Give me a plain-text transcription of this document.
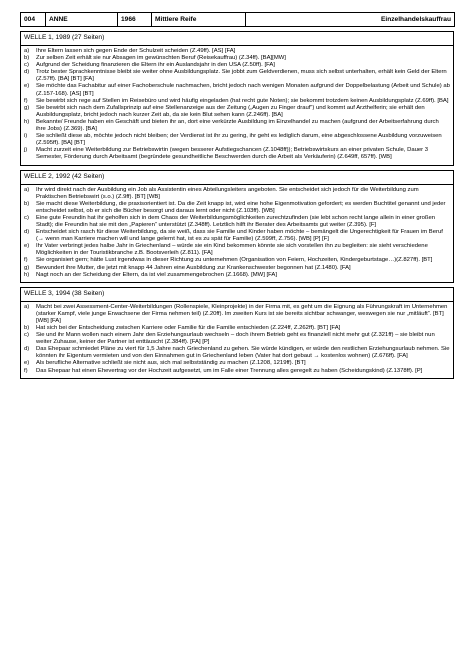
004	ANNE	1966	Mittlere Reife	Einzelhandelskauffrau
WELLE 1, 1989 (27 Seiten)
a)	Ihre Eltern lassen sich gegen Ende der Schulzeit scheiden (Z.49ff). [AS] [FA]
b)	Zur selben Zeit erhält sie nur Absagen im gewünschten Beruf (Reisekauffrau) (Z.34ff). [BA][MW]
c)	Aufgrund der Scheidung finanzieren die Eltern ihr ein Auslandsjahr in den USA (Z.50ff). [FA]
d)	Trotz bester Sprachkenntnisse bleibt sie weiter ohne Ausbildungsplatz. Sie jobbt zum Geldverdienen, muss sich selbst unterhalten, erhält kein Geld der Eltern (Z.57ff). [BA] [BT] [FA]
e)	Sie möchte das Fachabitur auf einer Fachoberschule nachmachen, bricht jedoch nach wenigen Monaten aufgrund der Doppelbelastung (Arbeit und Schule) ab (Z.157-168). [AS] [BT]
f)	Sie bewirbt sich rege auf Stellen im Reisebüro und wird häufig eingeladen (hat recht gute Noten); sie bekommt trotzdem keinen Ausbildungsplatz (Z.69ff). [BA]
g)	Sie bewirbt sich nach dem Zufallsprinzip auf eine Stellenanzeige aus der Zeitung („Augen zu Finger drauf“) und kommt auf Arzthelferin; sie erhält den Ausbildungsplatz, bricht jedoch nach kurzer Zeit ab, da sie kein Blut sehen kann (Z.246ff). [BA]
h)	Bekannte/ Freunde haben ein Geschäft und bieten ihr an, dort eine verkürzte Ausbildung im Einzelhandel zu machen (aufgrund der Arbeitserfahrung durch ihre Jobs) (Z.369). [BA]
i)	Sie schließt diese ab, möchte jedoch nicht bleiben; der Verdienst ist ihr zu gering, ihr geht es lediglich darum, eine abgeschlossene Ausbildung vorzuweisen (Z.595ff). [BA] [BT]
j)	Macht zurzeit eine Weiterbildung zur Betriebswirtin (wegen besserer Aufstiegschancen (Z.1048ff)); Betriebswirtskurs an einer privaten Schule, Dauer 3 Semester, Förderung durch Arbeitsamt (begründete gesundheitliche Beschwerden durch die Arbeit als Verkäuferin) (Z.649ff, 657ff). [WB]
WELLE 2, 1992 (42 Seiten)
a)	Ihr wird direkt nach der Ausbildung ein Job als Assistentin eines Abteilungsleiters angeboten. Sie entscheidet sich jedoch für die Weiterbildung zum Praktischen Betriebswirt (s.o.) (Z.9ff). [BT] [WB]
b)	Sie macht diese Weiterbildung, die praxisorientiert ist. Da die Zeit knapp ist, wird eine hohe Eigenmotivation gefordert; es werden Buchtitel genannt und jeder entscheidet selbst, ob er sich die Bücher besorgt und daraus lernt oder nicht (Z.103ff). [WB]
c)	Eine gute Freundin hat ihr geholfen sich in dem Chaos der Weiterbildungsmöglichkeiten zurechtzufinden (sie lebt schon recht lange allein in einer großen Stadt); die Freundin hat sie mit den „Papieren“ unterstützt (Z.348ff). Letztlich hilft ihr Berater des Arbeitsamts gut weiter (Z.395). [F]
d)	Entscheidet sich rasch für diese Weiterbildung, da sie weiß, dass sie Familie und Kinder haben möchte – bemängelt die Ungerechtigkeit für Frauen im Beruf (→ wenn man Karriere machen will und lange gelernt hat, ist es zu spät für Familie) (Z.599ff, Z.756). [WB] [P] [F]
e)	Ihr Vater verbringt jedes halbe Jahr in Griechenland – würde sie ein Kind bekommen könnte sie sich vorstellen ihn zu begleiten: sie sieht verschiedene Möglichkeiten in der Touristikbranche z.B. Bootsverleih (Z.811). [FA]
f)	Sie organisiert gern; hätte Lust irgendwas in dieser Richtung zu unternehmen (Organisation von Feiern, Hochzeiten, Kindergeburtstage…)(Z.827ff). [BT]
g)	Bewundert ihre Mutter, die jetzt mit knapp 44 Jahren eine Ausbildung zur Krankenschwester begonnen hat (Z.1480). [FA]
h)	Nagt noch an der Scheidung der Eltern, da ist viel zusammengebrochen (Z.1668). [MW] [FA]
WELLE 3, 1994 (38 Seiten)
a)	Macht bei zwei Assessment-Center-Weiterbildungen (Rollenspiele, Kleinprojekte) in der Firma mit, es geht um die Eignung als Führungskraft im Unternehmen (starker Kampf, viele junge Erwachsene der Firma nehmen teil) (Z.20ff). Im zweiten Kurs ist sie bereits sichtbar schwanger, weswegen sie nur „mitläuft“. [BT] [WB] [FA]
b)	Hat sich bei der Entscheidung zwischen Karriere oder Familie für die Familie entschieden (Z.224ff, Z.262ff). [BT] [FA]
c)	Sie und ihr Mann wollen nach einem Jahr den Erziehungsurlaub wechseln – doch ihrem Betrieb geht es finanziell nicht mehr gut (Z.321ff) – sie bleibt nun weiter Zuhause, keiner der Partner ist enttäuscht (Z.384ff). [FA] [P]
d)	Das Ehepaar schmiedet Pläne zu viert für 1,5 Jahre nach Griechenland zu gehen. Sie würde kündigen, er würde den restlichen Erziehungsurlaub nehmen. Sie könnten ihr Eigentum vermieten und von den Einnahmen gut in Griechenland leben (Vater hat dort gebaut → kostenlos wohnen) (Z.676ff). [FA]
e)	Als berufliche Alternative schließt sie nicht aus, sich mal selbstständig zu machen (Z.1208, 1219ff). [BT]
f)	Das Ehepaar hat einen Ehevertrag vor der Hochzeit aufgesetzt, um im Falle einer Trennung alles geregelt zu haben (Scheidungskind) (Z.1378ff). [P]
